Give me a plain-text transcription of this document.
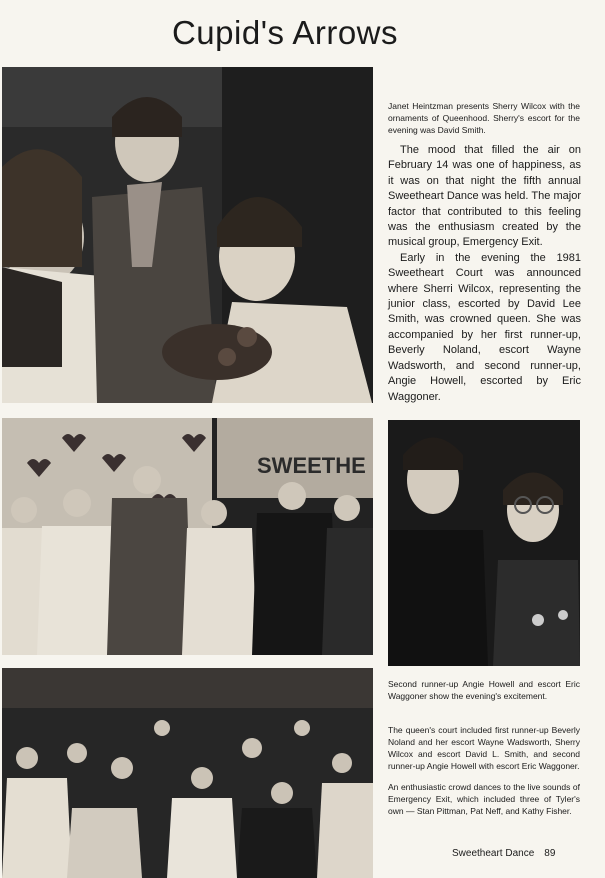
Cupid's Arrows
Janet Heintzman presents Sherry Wilcox with the ornaments of Queenhood. Sherry's escort for the evening was David Smith.

The mood that filled the air on February 14 was one of happiness, as it was on that night the fifth annual Sweetheart Dance was held. The major factor that contributed to this feeling was the enthusiasm created by the musical group, Emergency Exit.

Early in the evening the 1981 Sweetheart Court was announced where Sherri Wilcox, representing the junior class, escorted by David Lee Smith, was crowned queen. She was accompanied by her first runner-up, Beverly Noland, escort Wayne Wadsworth, and second runner-up, Angie Howell, escorted by Eric Waggoner.

SWEETHE
Second runner-up Angie Howell and escort Eric Waggoner show the evening's excitement.
The queen's court included first runner-up Beverly Noland and her escort Wayne Wadsworth, Sherry Wilcox and escort David L. Smith, and second runner-up Angie Howell with escort Eric Waggoner.
An enthusiastic crowd dances to the live sounds of Emergency Exit, which included three of Tyler's own — Stan Pittman, Pat Neff, and Kathy Fisher.
Sweetheart Dance 89
